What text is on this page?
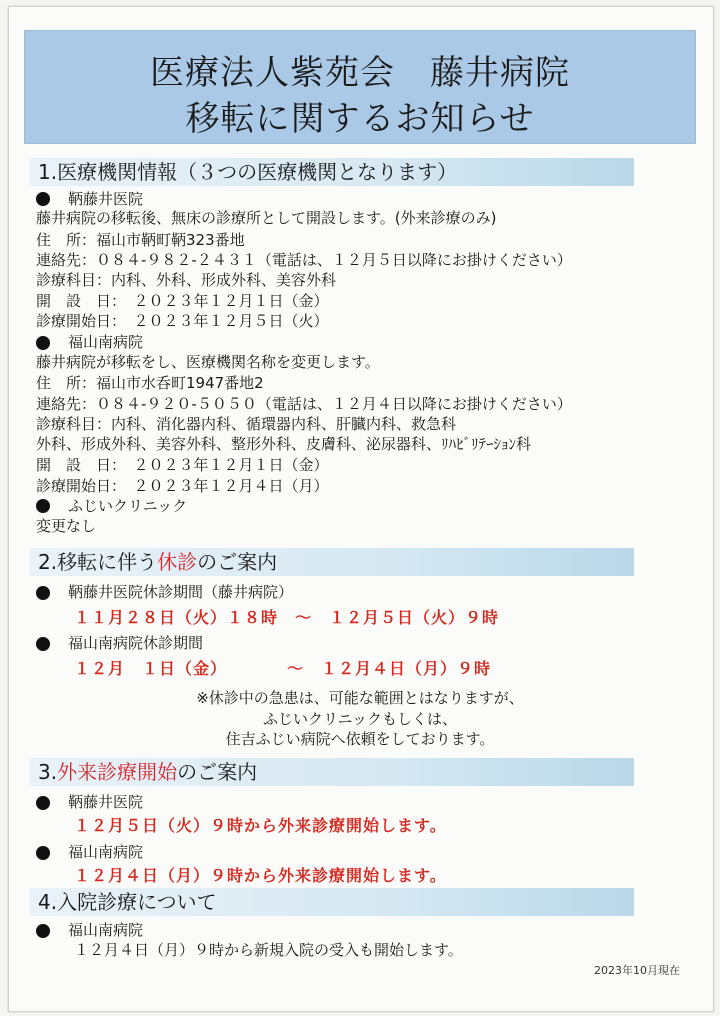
医療法人紫苑会　藤井病院
移転に関するお知らせ
1.医療機関情報（３つの医療機関となります）
鞆藤井医院
藤井病院の移転後、無床の診療所として開設します。(外来診療のみ)
住　所：福山市鞆町鞆323番地
連絡先：０８４-９８２-２４３１（電話は、１２月５日以降にお掛けください）
診療科目：内科、外科、形成外科、美容外科
開　設　日：　２０２３年１２月１日（金）
診療開始日：　２０２３年１２月５日（火）
福山南病院
藤井病院が移転をし、医療機関名称を変更します。
住　所：福山市水呑町1947番地2
連絡先：０８４-９２０-５０５０（電話は、１２月４日以降にお掛けください）
診療科目：内科、消化器内科、循環器内科、肝臓内科、救急科
外科、形成外科、美容外科、整形外科、皮膚科、泌尿器科、ﾘﾊﾋﾞﾘﾃｰｼｮﾝ科
開　設　日：　２０２３年１２月１日（金）
診療開始日：　２０２３年１２月４日（月）
ふじいクリニック
変更なし
2.移転に伴う休診のご案内
鞆藤井医院休診期間（藤井病院）
１１月２８日（火）１８時　～　１２月５日（火）９時
福山南病院休診期間
１２月　１日（金）　　　　～　１２月４日（月）９時
※休診中の急患は、可能な範囲とはなりますが、
ふじいクリニックもしくは、
住吉ふじい病院へ依頼をしております。
3.外来診療開始のご案内
鞆藤井医院
１２月５日（火）９時から外来診療開始します。
福山南病院
１２月４日（月）９時から外来診療開始します。
4.入院診療について
福山南病院
１２月４日（月）９時から新規入院の受入も開始します。
2023年10月現在
